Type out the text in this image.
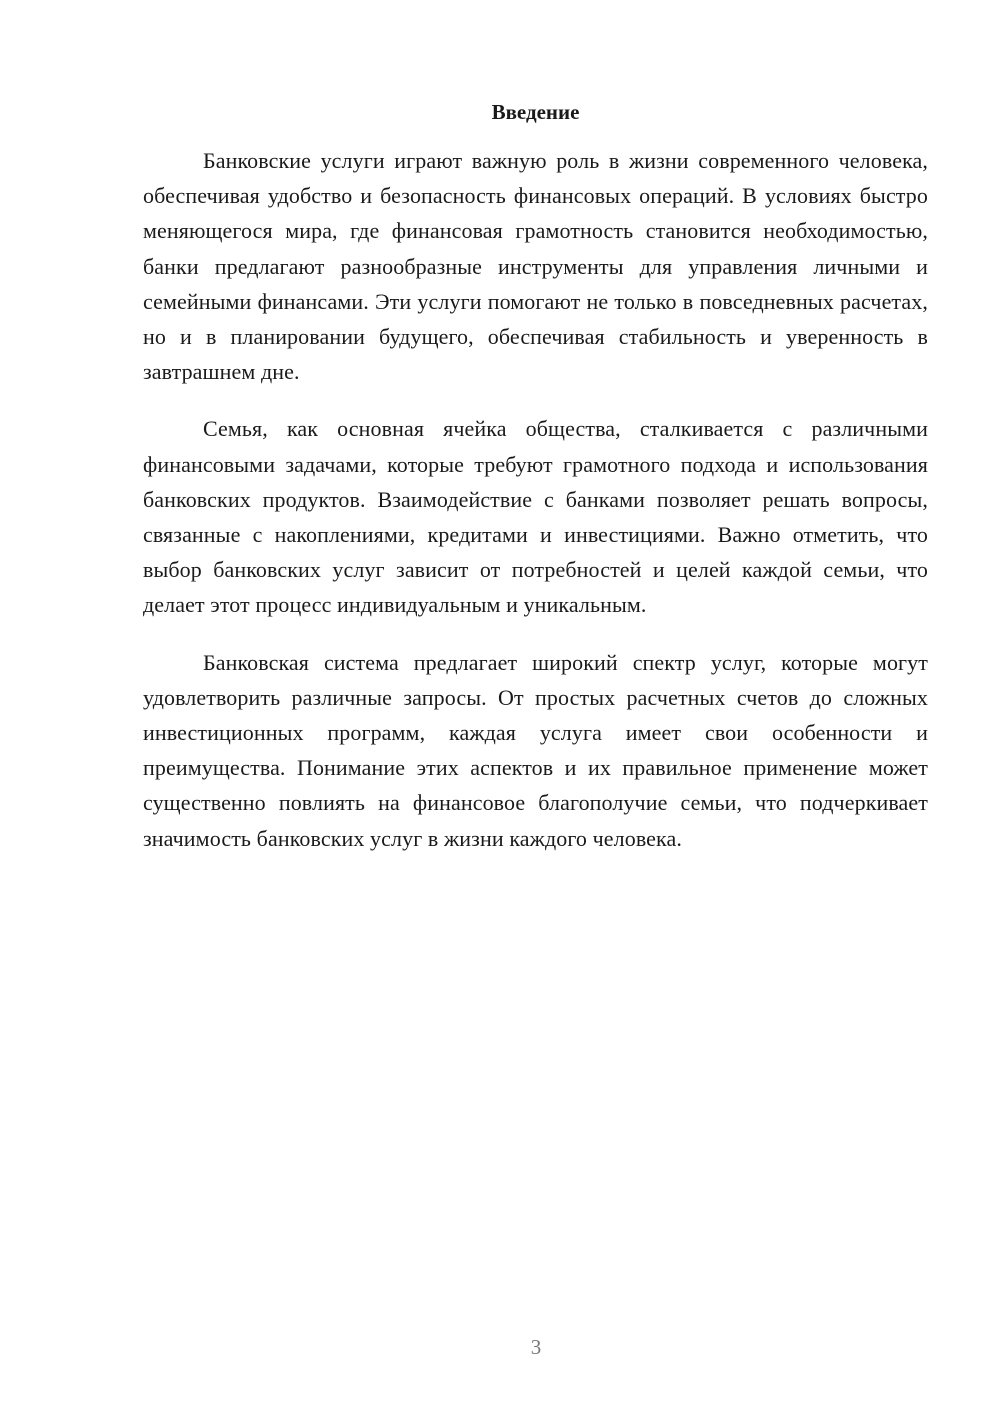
Введение

Банковские услуги играют важную роль в жизни современного человека, обеспечивая удобство и безопасность финансовых операций. В условиях быстро меняющегося мира, где финансовая грамотность становится необходимостью, банки предлагают разнообразные инструменты для управления личными и семейными финансами. Эти услуги помогают не только в повседневных расчетах, но и в планировании будущего, обеспечивая стабильность и уверенность в завтрашнем дне.

Семья, как основная ячейка общества, сталкивается с различными финансовыми задачами, которые требуют грамотного подхода и использования банковских продуктов. Взаимодействие с банками позволяет решать вопросы, связанные с накоплениями, кредитами и инвестициями. Важно отметить, что выбор банковских услуг зависит от потребностей и целей каждой семьи, что делает этот процесс индивидуальным и уникальным.

Банковская система предлагает широкий спектр услуг, которые могут удовлетворить различные запросы. От простых расчетных счетов до сложных инвестиционных программ, каждая услуга имеет свои особенности и преимущества. Понимание этих аспектов и их правильное применение может существенно повлиять на финансовое благополучие семьи, что подчеркивает значимость банковских услуг в жизни каждого человека.

3
